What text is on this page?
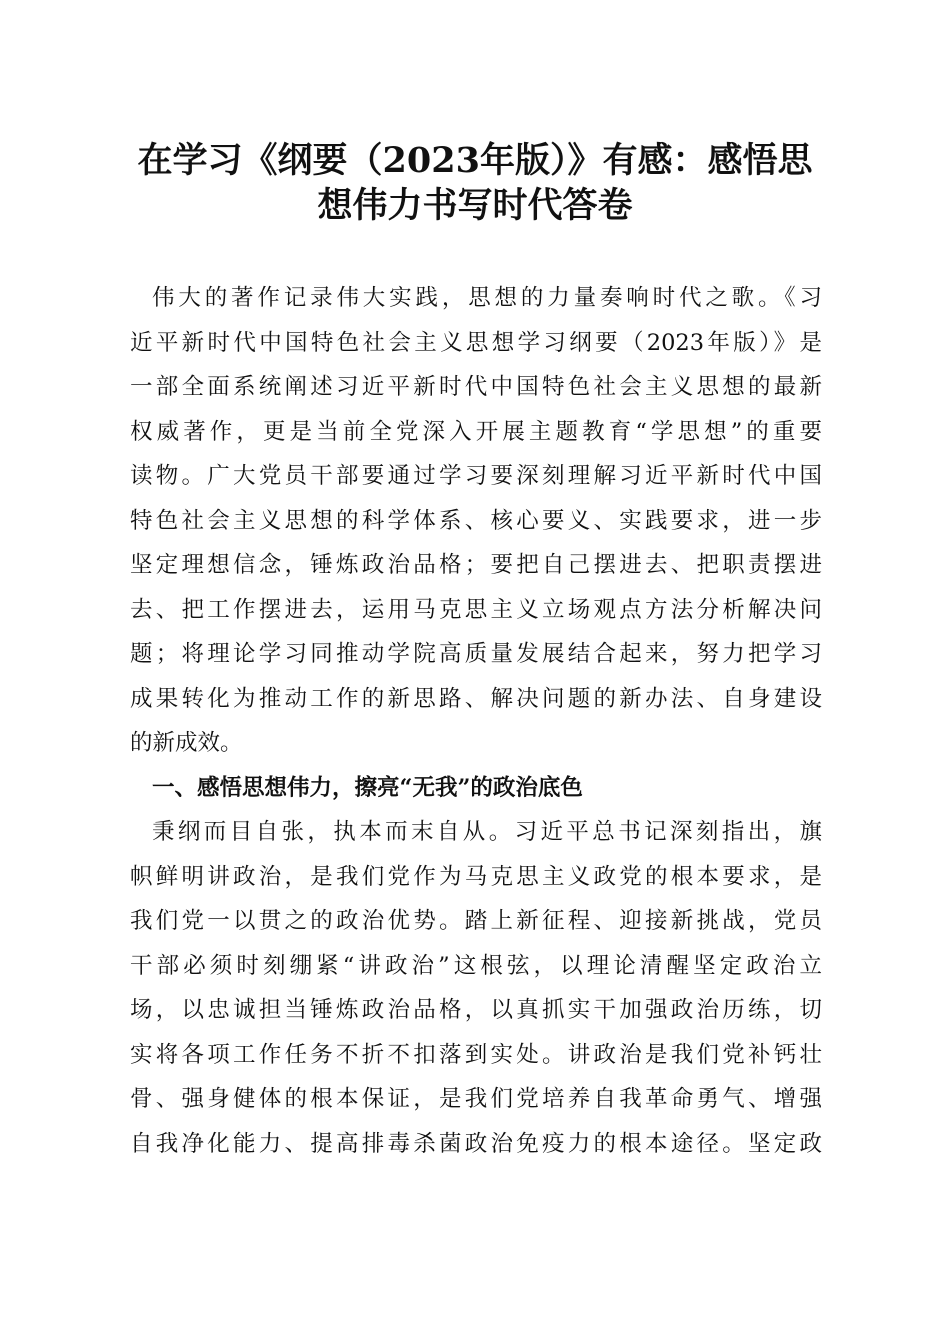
在学习《纲要（2023年版）》有感：感悟思
想伟力书写时代答卷
伟大的著作记录伟大实践，思想的力量奏响时代之歌。《习
近平新时代中国特色社会主义思想学习纲要（2023年版）》是
一部全面系统阐述习近平新时代中国特色社会主义思想的最新
权威著作，更是当前全党深入开展主题教育“学思想”的重要
读物。广大党员干部要通过学习要深刻理解习近平新时代中国
特色社会主义思想的科学体系、核心要义、实践要求，进一步
坚定理想信念，锤炼政治品格；要把自己摆进去、把职责摆进
去、把工作摆进去，运用马克思主义立场观点方法分析解决问
题；将理论学习同推动学院高质量发展结合起来，努力把学习
成果转化为推动工作的新思路、解决问题的新办法、自身建设
的新成效。
一、感悟思想伟力，擦亮“无我”的政治底色
秉纲而目自张，执本而末自从。习近平总书记深刻指出，旗
帜鲜明讲政治，是我们党作为马克思主义政党的根本要求，是
我们党一以贯之的政治优势。踏上新征程、迎接新挑战，党员
干部必须时刻绷紧“讲政治”这根弦，以理论清醒坚定政治立
场，以忠诚担当锤炼政治品格，以真抓实干加强政治历练，切
实将各项工作任务不折不扣落到实处。讲政治是我们党补钙壮
骨、强身健体的根本保证，是我们党培养自我革命勇气、增强
自我净化能力、提高排毒杀菌政治免疫力的根本途径。坚定政
